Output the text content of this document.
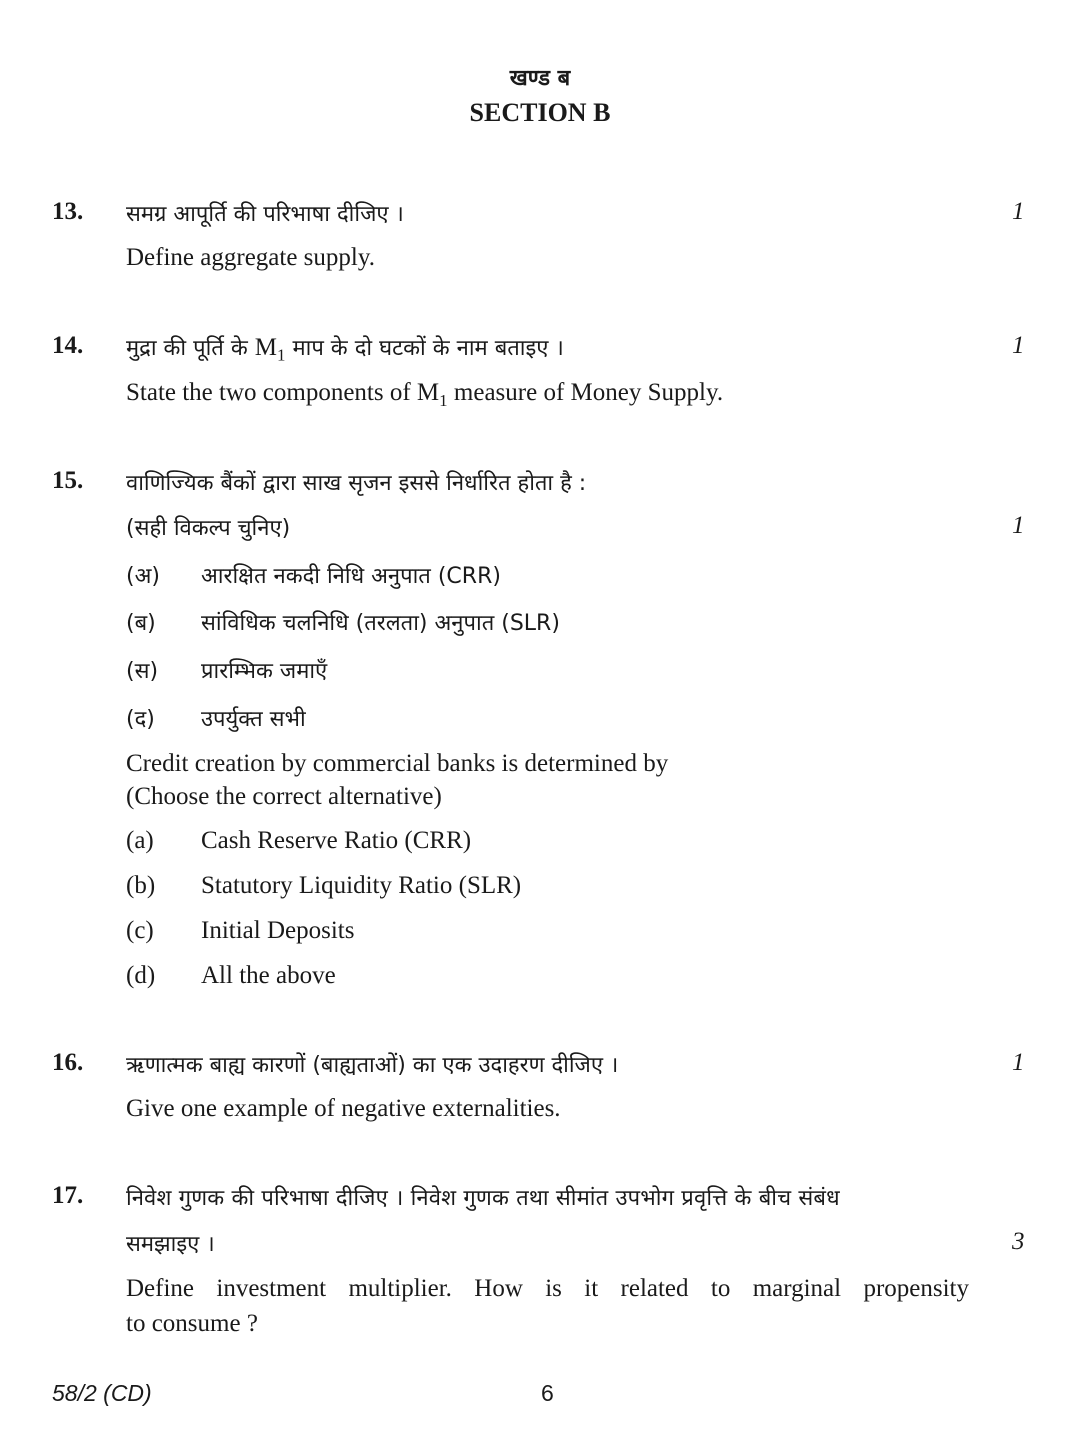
खण्ड ब
SECTION B
13. समग्र आपूर्ति की परिभाषा दीजिए ।	1
Define aggregate supply.
14. मुद्रा की पूर्ति के $M_1$ माप के दो घटकों के नाम बताइए ।	1
State the two components of $M_1$ measure of Money Supply.
15. वाणिज्यिक बैंकों द्वारा साख सृजन इससे निर्धारित होता है :
(सही विकल्प चुनिए)	1
(अ) आरक्षित नकदी निधि अनुपात (CRR)
(ब) सांविधिक चलनिधि (तरलता) अनुपात (SLR)
(स) प्रारम्भिक जमाएँ
(द) उपर्युक्त सभी
Credit creation by commercial banks is determined by
(Choose the correct alternative)
(a) Cash Reserve Ratio (CRR)
(b) Statutory Liquidity Ratio (SLR)
(c) Initial Deposits
(d) All the above
16. ऋणात्मक बाह्य कारणों (बाह्यताओं) का एक उदाहरण दीजिए ।	1
Give one example of negative externalities.
17. निवेश गुणक की परिभाषा दीजिए । निवेश गुणक तथा सीमांत उपभोग प्रवृत्ति के बीच संबंध
समझाइए ।	3
Define investment multiplier. How is it related to marginal propensity
to consume ?
58/2 (CD)	6
